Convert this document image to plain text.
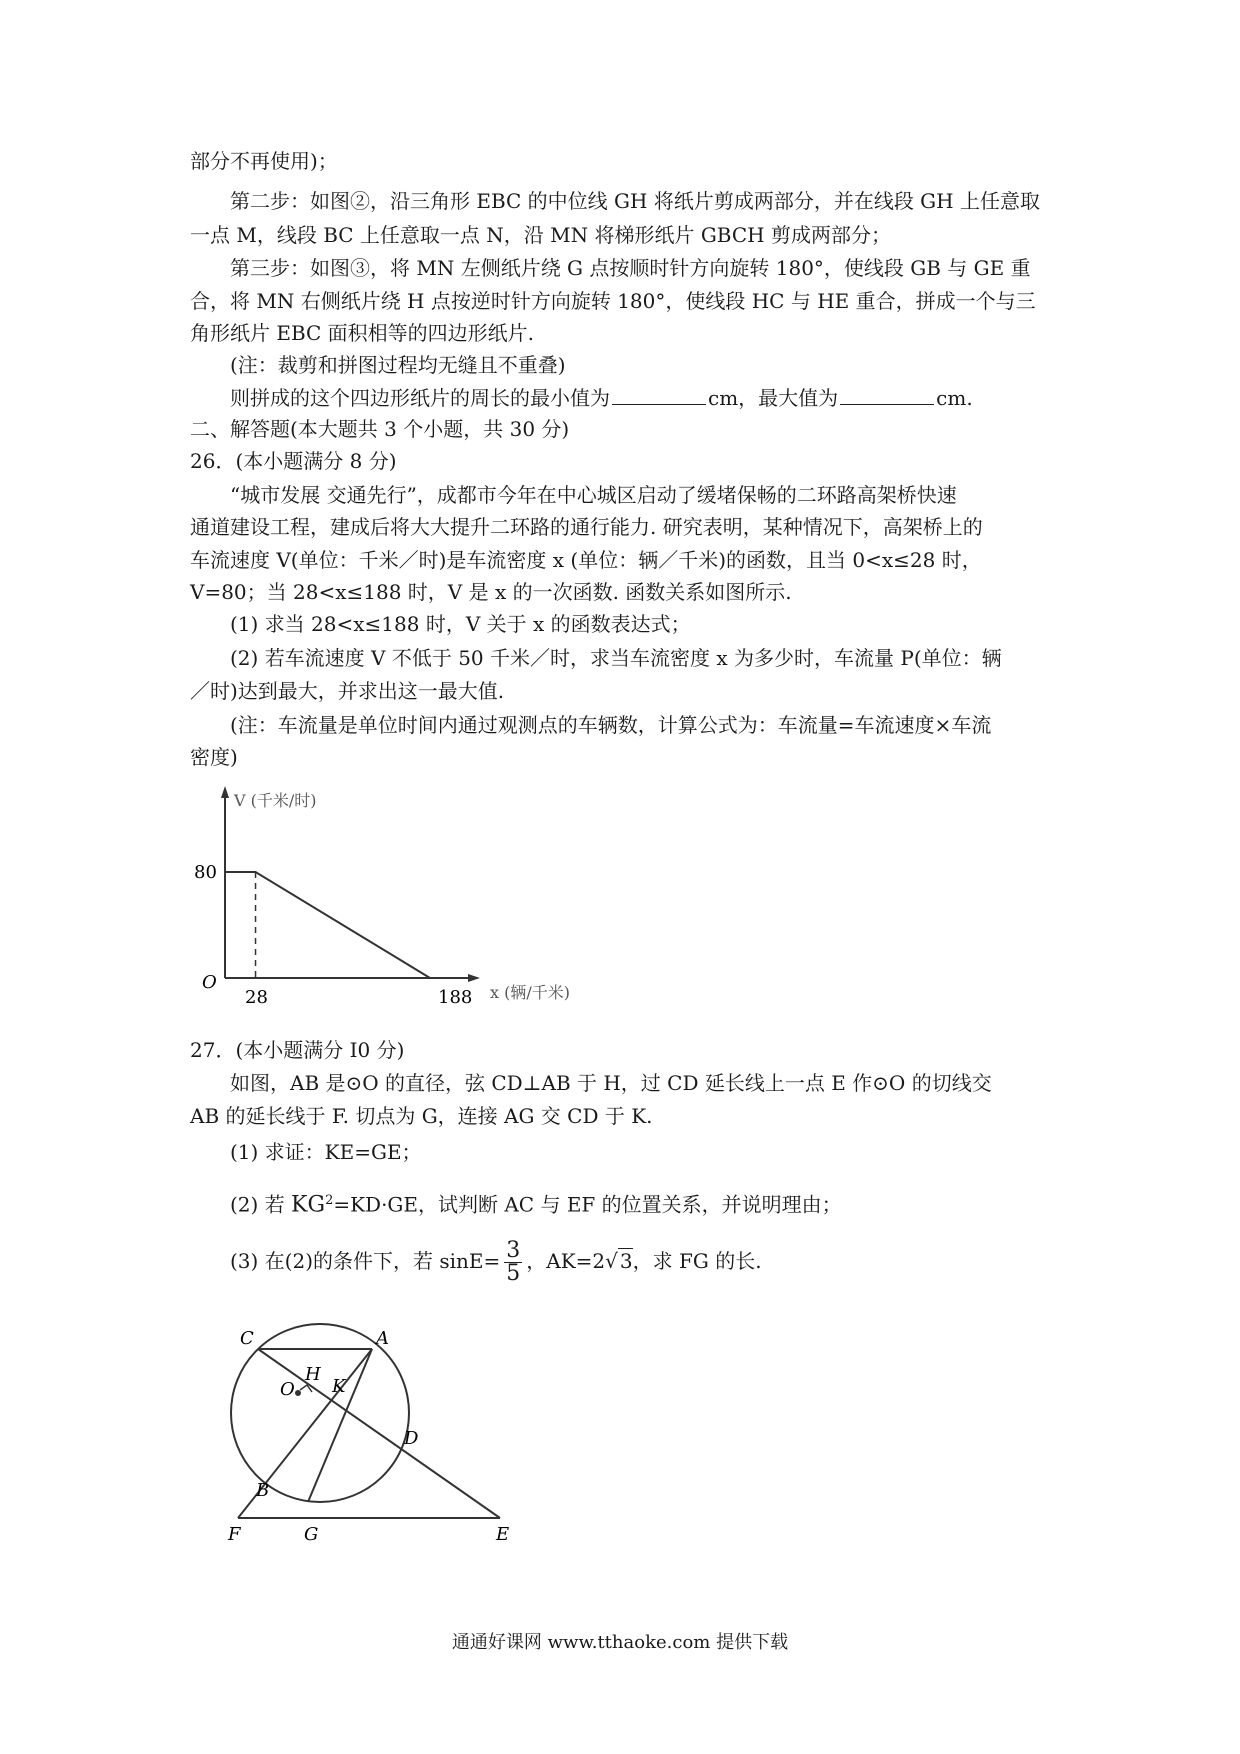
部分不再使用)；
第二步：如图②，沿三角形 EBC 的中位线 GH 将纸片剪成两部分，并在线段 GH 上任意取
一点 M，线段 BC 上任意取一点 N，沿 MN 将梯形纸片 GBCH 剪成两部分；
第三步：如图③，将 MN 左侧纸片绕 G 点按顺时针方向旋转 180°，使线段 GB 与 GE 重
合，将 MN 右侧纸片绕 H 点按逆时针方向旋转 180°，使线段 HC 与 HE 重合，拼成一个与三
角形纸片 EBC 面积相等的四边形纸片.
(注：裁剪和拼图过程均无缝且不重叠)
则拼成的这个四边形纸片的周长的最小值为	cm，最大值为	cm.
二、解答题(本大题共 3 个小题，共 30 分)
26．(本小题满分 8 分)
“城市发展 交通先行”，成都市今年在中心城区启动了缓堵保畅的二环路高架桥快速
通道建设工程，建成后将大大提升二环路的通行能力. 研究表明，某种情况下，高架桥上的
车流速度 V(单位：千米／时)是车流密度 x (单位：辆／千米)的函数，且当 0<x≤28 时，
V=80；当 28<x≤188 时，V 是 x 的一次函数. 函数关系如图所示.
(1) 求当 28<x≤188 时，V 关于 x 的函数表达式；
(2) 若车流速度 V 不低于 50 千米／时，求当车流密度 x 为多少时，车流量 P(单位：辆
／时)达到最大，并求出这一最大值.
(注：车流量是单位时间内通过观测点的车辆数，计算公式为：车流量=车流速度×车流
密度)
V (千米/时)
80
O
28	188 x (辆/千米)
27．(本小题满分 I0 分)
如图，AB 是⊙O 的直径，弦 CD⊥AB 于 H，过 CD 延长线上一点 E 作⊙O 的切线交
AB 的延长线于 F. 切点为 G，连接 AG 交 CD 于 K.
(1) 求证：KE=GE；
(2) 若 $KG^2=KD\cdot GE$，试判断 AC 与 EF 的位置关系，并说明理由；
(3) 在(2)的条件下，若 $\sin E= \frac{3}{5}$ ，AK=2√ 3，求 FG 的长.
C	A
H
O K
D
B
F	G	E
通通好课网 www.tthaoke.com 提供下载
